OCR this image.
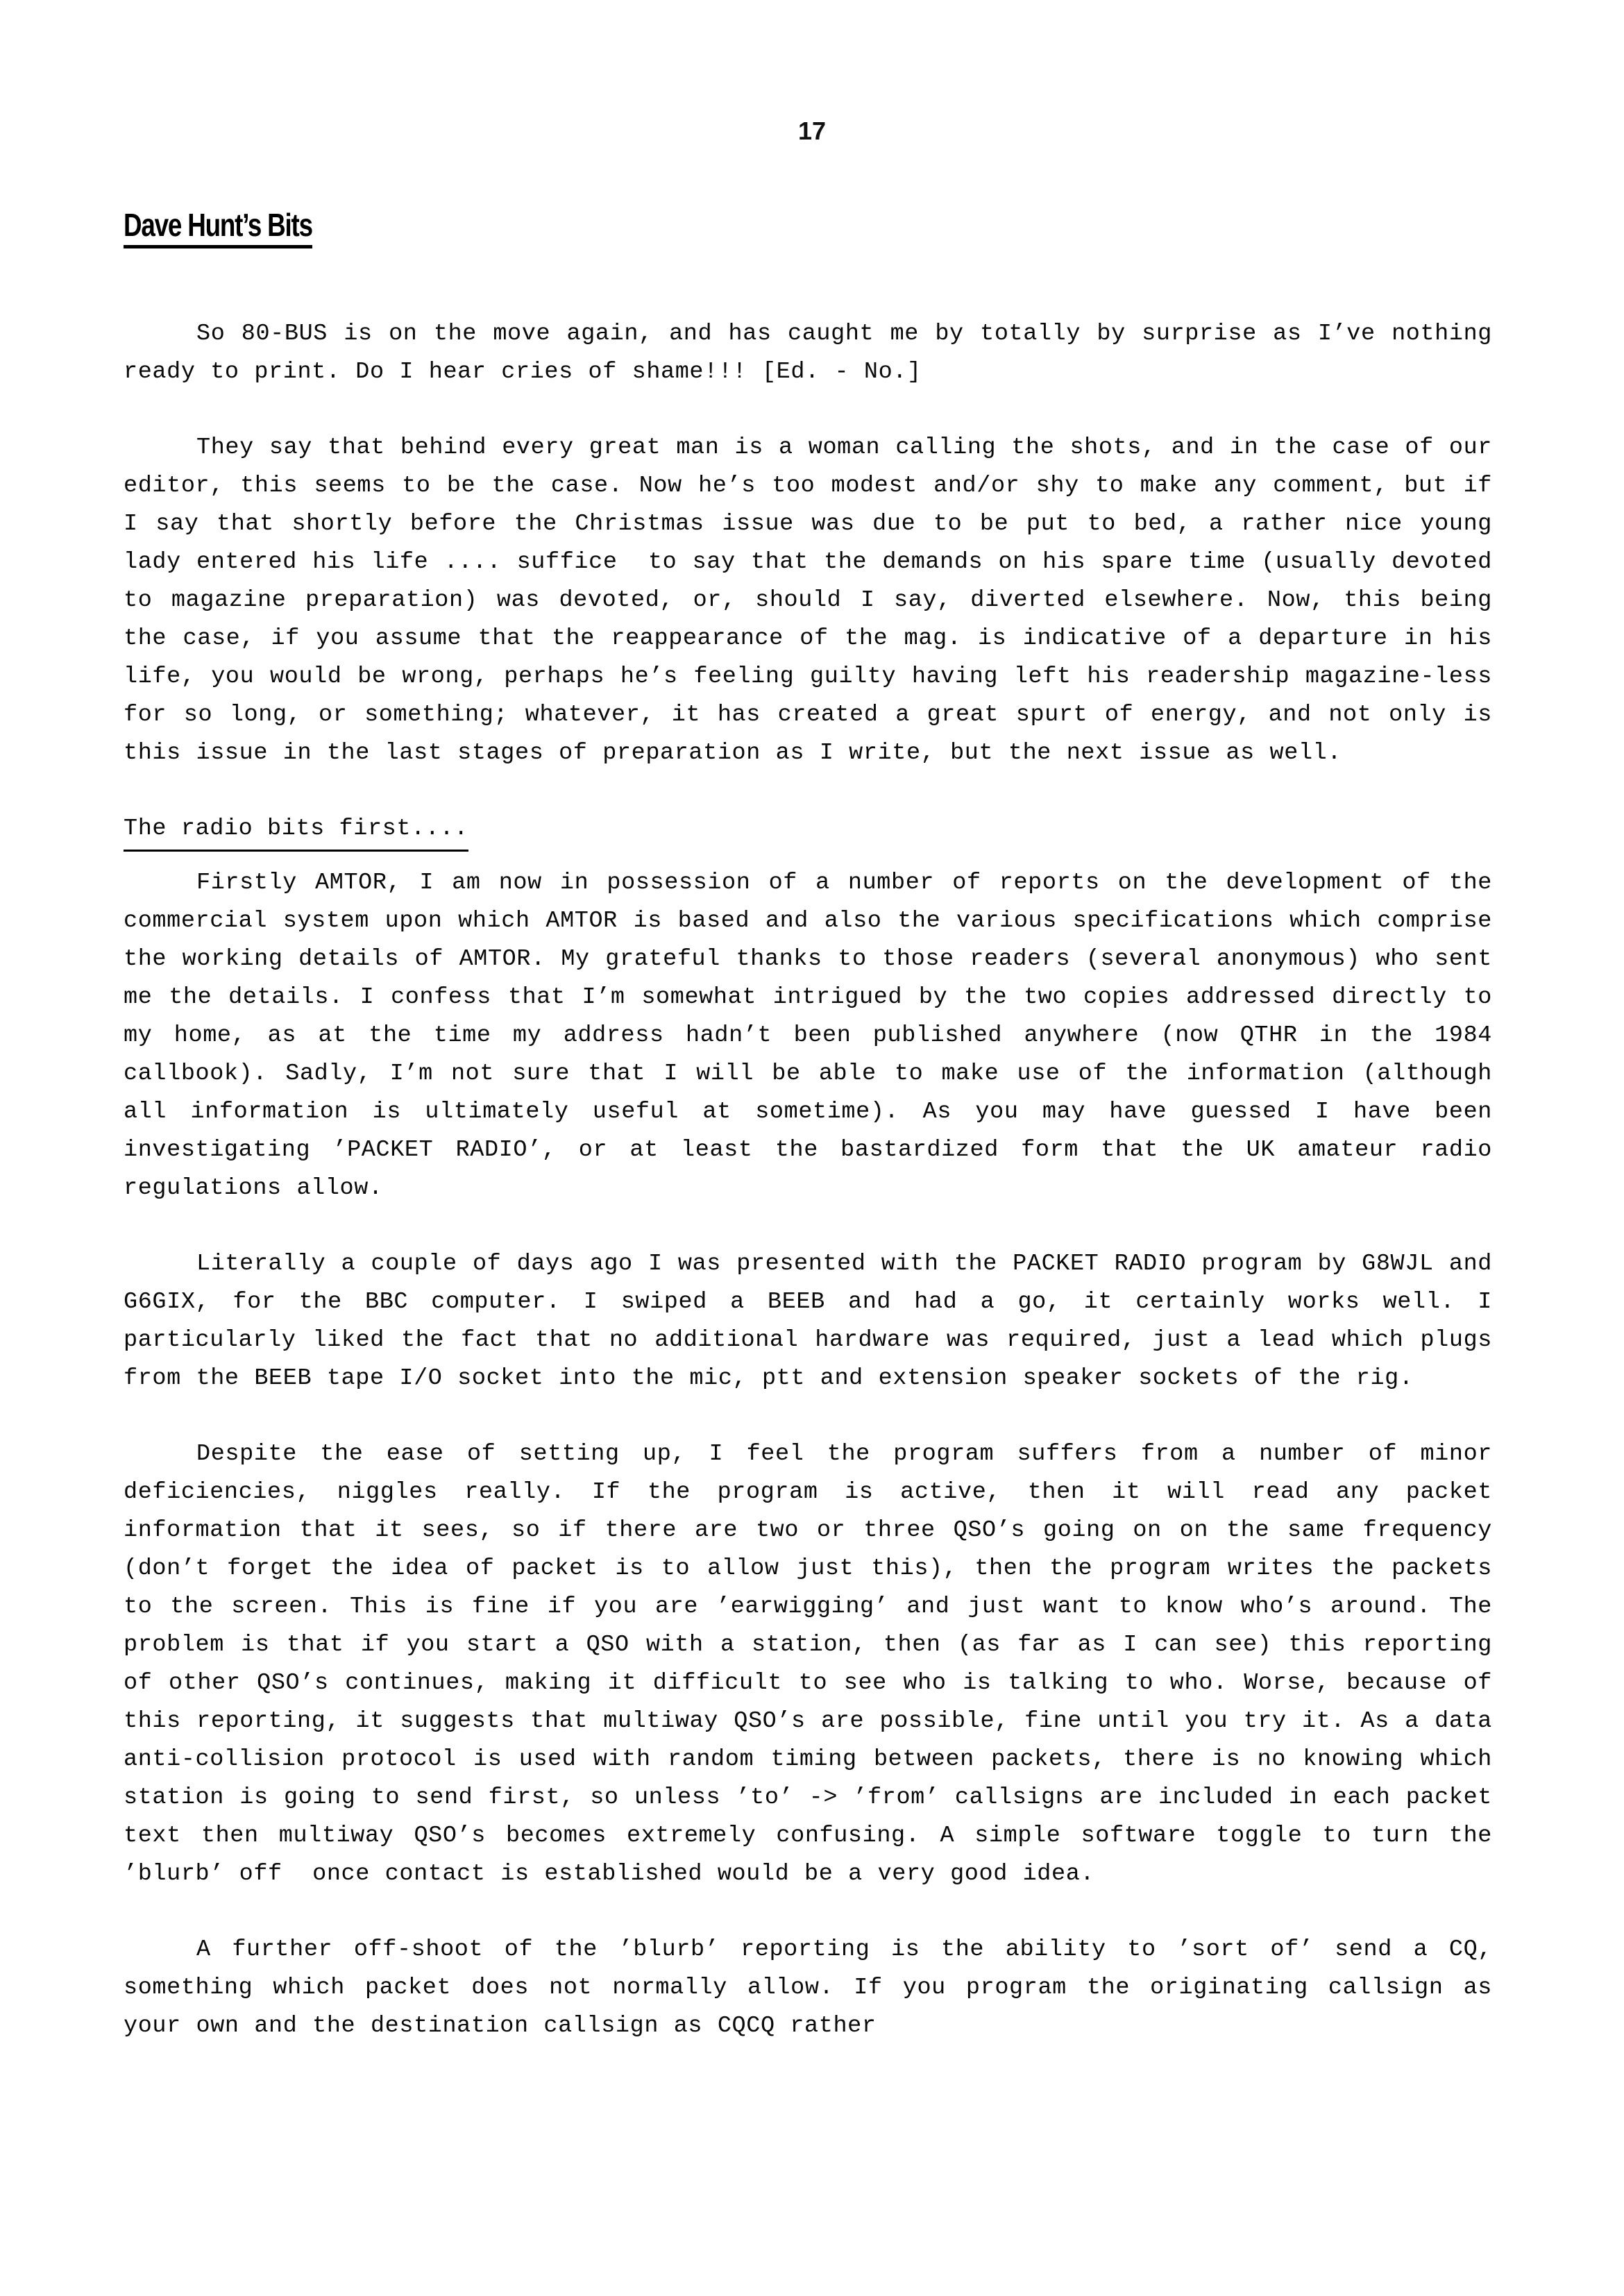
17
Dave Hunt’s Bits

So 80-BUS is on the move again, and has caught me by totally by surprise as I’ve nothing ready to print. Do I hear cries of shame!!! [Ed. - No.]

They say that behind every great man is a woman calling the shots, and in the case of our editor, this seems to be the case. Now he’s too modest and/or shy to make any comment, but if I say that shortly before the Christmas issue was due to be put to bed, a rather nice young lady entered his life .... suffice  to say that the demands on his spare time (usually devoted to magazine preparation) was devoted, or, should I say, diverted elsewhere. Now, this being the case, if you assume that the reappearance of the mag. is indicative of a departure in his life, you would be wrong, perhaps he’s feeling guilty having left his readership magazine-less for so long, or something; whatever, it has created a great spurt of energy, and not only is this issue in the last stages of preparation as I write, but the next issue as well.

The radio bits first....

Firstly AMTOR, I am now in possession of a number of reports on the development of the commercial system upon which AMTOR is based and also the various specifications which comprise the working details of AMTOR. My grateful thanks to those readers (several anonymous) who sent me the details. I confess that I’m somewhat intrigued by the two copies addressed directly to my home, as at the time my address hadn’t been published anywhere (now QTHR in the 1984 callbook). Sadly, I’m not sure that I will be able to make use of the information (although all information is ultimately useful at sometime). As you may have guessed I have been investigating ’PACKET RADIO’, or at least the bastardized form that the UK amateur radio regulations allow.

Literally a couple of days ago I was presented with the PACKET RADIO program by G8WJL and G6GIX, for the BBC computer. I swiped a BEEB and had a go, it certainly works well. I particularly liked the fact that no additional hardware was required, just a lead which plugs from the BEEB tape I/O socket into the mic, ptt and extension speaker sockets of the rig.

Despite the ease of setting up, I feel the program suffers from a number of minor deficiencies, niggles really. If the program is active, then it will read any packet information that it sees, so if there are two or three QSO’s going on on the same frequency (don’t forget the idea of packet is to allow just this), then the program writes the packets to the screen. This is fine if you are ’earwigging’ and just want to know who’s around. The problem is that if you start a QSO with a station, then (as far as I can see) this reporting of other QSO’s continues, making it difficult to see who is talking to who. Worse, because of this reporting, it suggests that multiway QSO’s are possible, fine until you try it. As a data anti-collision protocol is used with random timing between packets, there is no knowing which station is going to send first, so unless ’to’ -> ’from’ callsigns are included in each packet text then multiway QSO’s becomes extremely confusing. A simple software toggle to turn the ’blurb’ off  once contact is established would be a very good idea.

A further off-shoot of the ’blurb’ reporting is the ability to ’sort of’ send a CQ, something which packet does not normally allow. If you program the originating callsign as your own and the destination callsign as CQCQ rather
